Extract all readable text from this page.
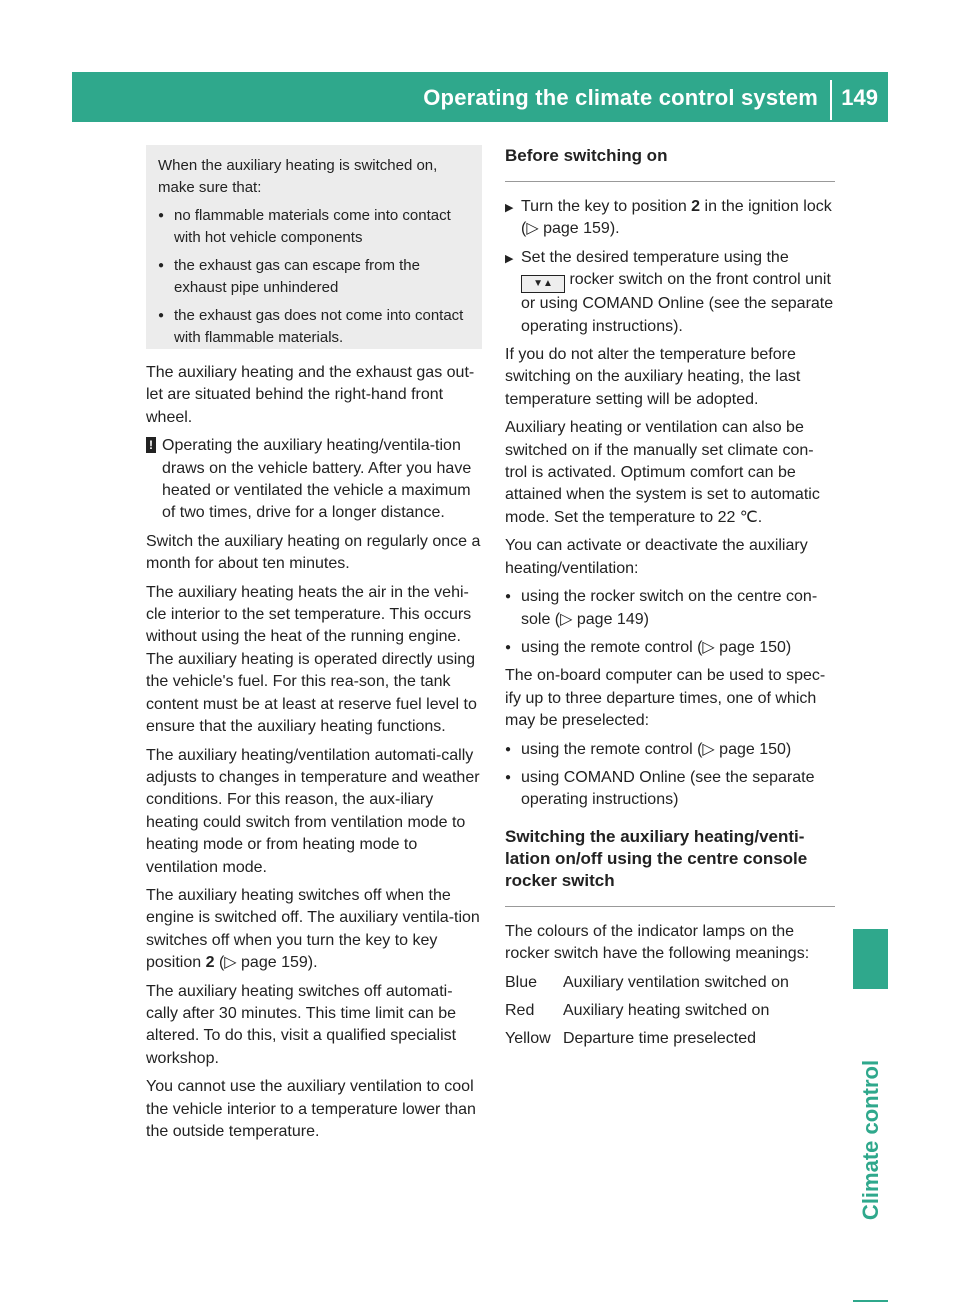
Operating the climate control system 149
Climate control

When the auxiliary heating is switched on, make sure that:

● no flammable materials come into contact with hot vehicle components
● the exhaust gas can escape from the exhaust pipe unhindered
● the exhaust gas does not come into contact with flammable materials.

The auxiliary heating and the exhaust gas out-let are situated behind the right-hand front wheel.

! Operating the auxiliary heating/ventila-tion draws on the vehicle battery. After you have heated or ventilated the vehicle a maximum of two times, drive for a longer distance.

Switch the auxiliary heating on regularly once a month for about ten minutes.

The auxiliary heating heats the air in the vehi-cle interior to the set temperature. This occurs without using the heat of the running engine. The auxiliary heating is operated directly using the vehicle's fuel. For this rea-son, the tank content must be at least at reserve fuel level to ensure that the auxiliary heating functions.

The auxiliary heating/ventilation automati-cally adjusts to changes in temperature and weather conditions. For this reason, the aux-iliary heating could switch from ventilation mode to heating mode or from heating mode to ventilation mode.

The auxiliary heating switches off when the engine is switched off. The auxiliary ventila-tion switches off when you turn the key to key position 2 (▷ page 159).

The auxiliary heating switches off automati-cally after 30 minutes. This time limit can be altered. To do this, visit a qualified specialist workshop.

You cannot use the auxiliary ventilation to cool the vehicle interior to a temperature lower than the outside temperature.

Before switching on
▶ Turn the key to position 2 in the ignition lock (▷ page 159).
▶ Set the desired temperature using the ▼▲ rocker switch on the front control unit or using COMAND Online (see the separate operating instructions).

If you do not alter the temperature before switching on the auxiliary heating, the last temperature setting will be adopted.

Auxiliary heating or ventilation can also be switched on if the manually set climate con-trol is activated. Optimum comfort can be attained when the system is set to automatic mode. Set the temperature to 22 ℃.

You can activate or deactivate the auxiliary heating/ventilation:

● using the rocker switch on the centre con-sole (▷ page 149)
● using the remote control (▷ page 150)

The on-board computer can be used to spec-ify up to three departure times, one of which may be preselected:

● using the remote control (▷ page 150)
● using COMAND Online (see the separate operating instructions)
Switching the auxiliary heating/venti-lation on/off using the centre console rocker switch

The colours of the indicator lamps on the rocker switch have the following meanings:

Blue	Auxiliary ventilation switched on
Red	Auxiliary heating switched on
Yellow Departure time preselected
